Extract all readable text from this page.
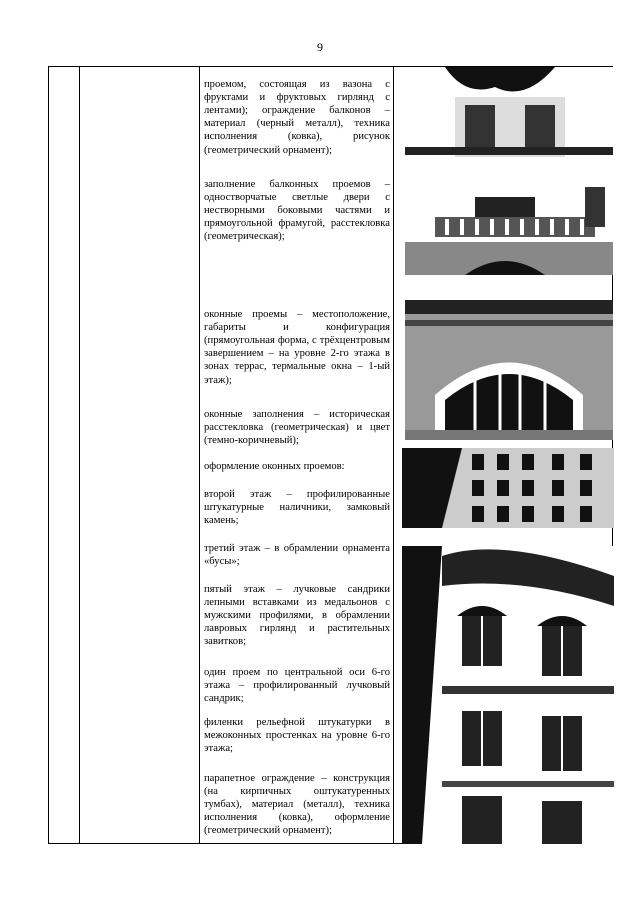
9

проемом, состоящая из вазона с фруктами и фруктовых гирлянд с лентами); ограждение балконов – материал (черный металл), техника исполнения (ковка), рисунок (геометрический орнамент);

заполнение балконных проемов – одностворчатые светлые двери с нестворными боковыми частями и прямоугольной фрамугой, расстекловка (геометрическая);

оконные проемы – местоположение, габариты и конфигурация (прямоугольная форма, с трёхцентровым завершением – на уровне 2-го этажа в зонах террас, термальные окна – 1-ый этаж);

оконные заполнения – историческая расстекловка (геометрическая) и цвет (темно-коричневый);

оформление оконных проемов:

второй этаж – профилированные штукатурные наличники, замковый камень;

третий этаж – в обрамлении орнамента «бусы»;

пятый этаж – лучковые сандрики лепными вставками из медальонов с мужскими профилями, в обрамлении лавровых гирлянд и растительных завитков;

один проем по центральной оси 6-го этажа – профилированный лучковый сандрик;

филенки рельефной штукатурки в межоконных простенках на уровне 6-го этажа;

парапетное ограждение – конструкция (на кирпичных оштукатуренных тумбах), материал (металл), техника исполнения (ковка), оформление (геометрический орнамент);
